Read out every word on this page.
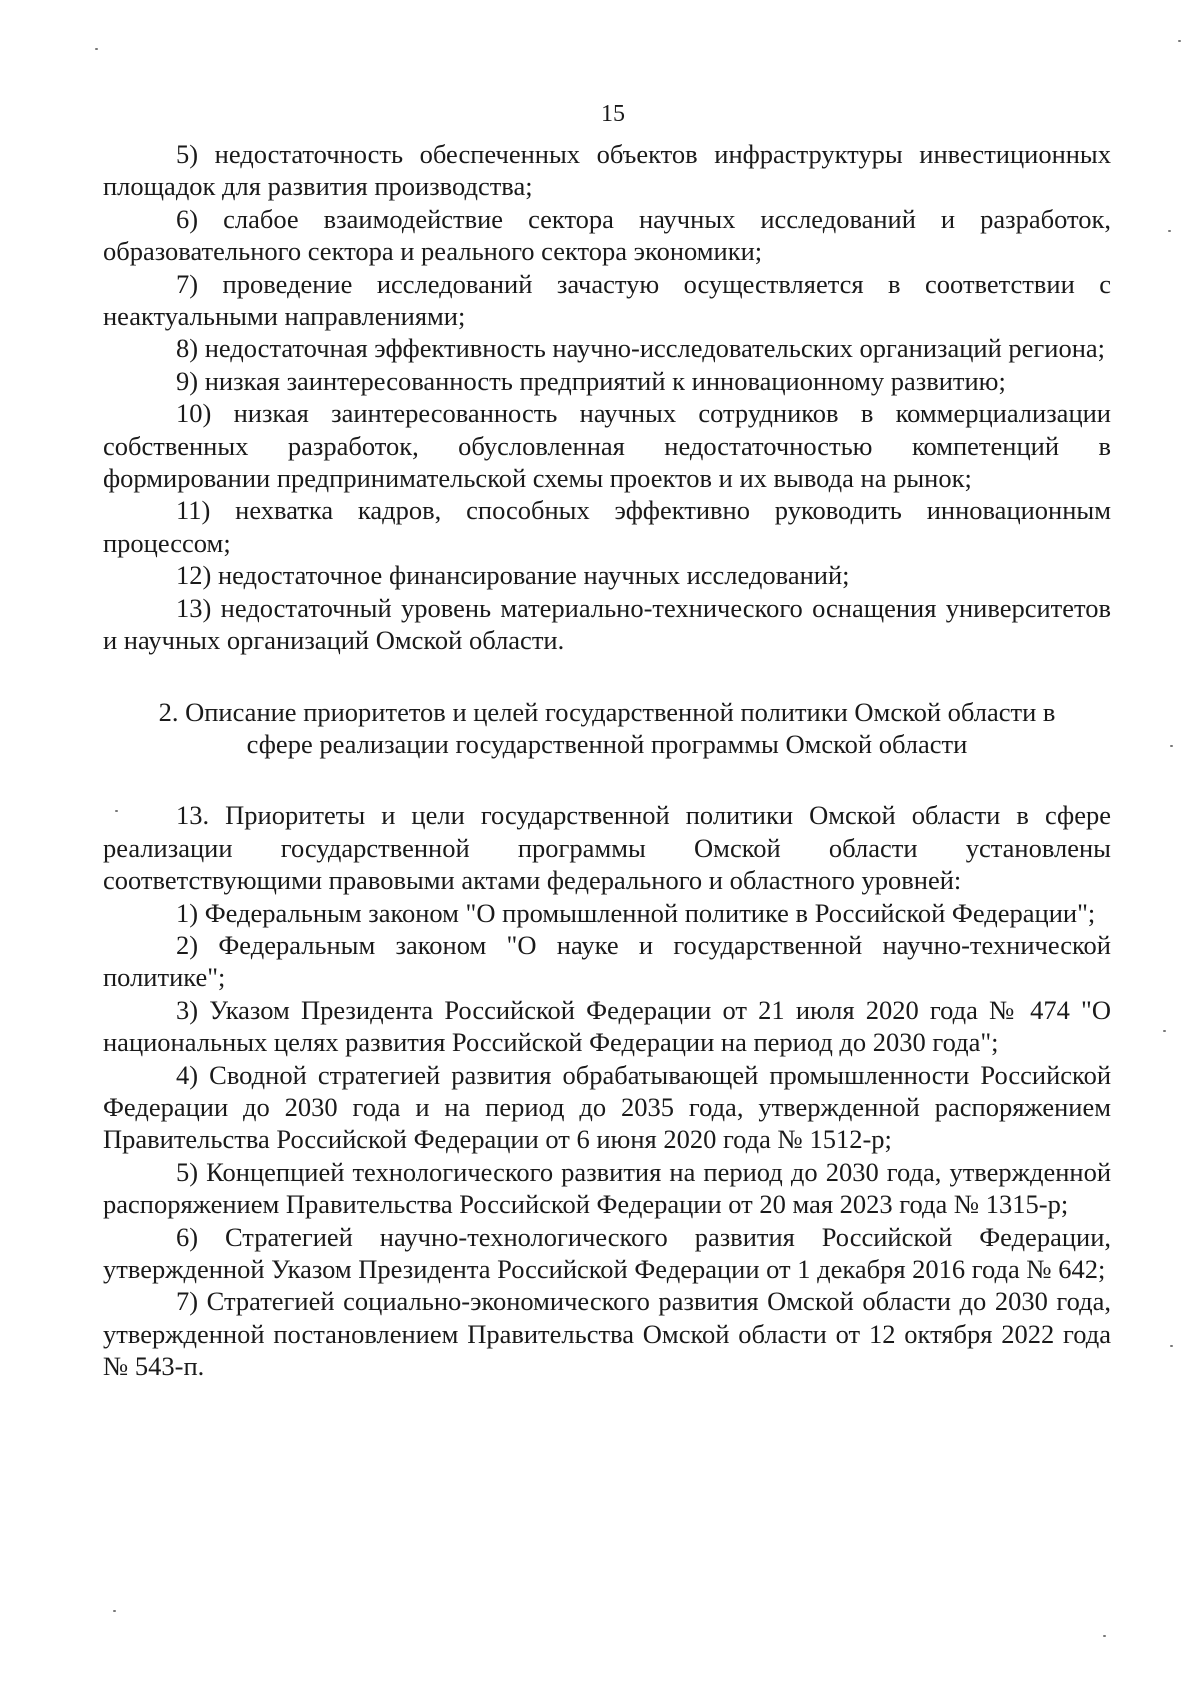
15

5) недостаточность обеспеченных объектов инфраструктуры инвестиционных площадок для развития производства;

6) слабое взаимодействие сектора научных исследований и разработок, образовательного сектора и реального сектора экономики;

7) проведение исследований зачастую осуществляется в соответствии с неактуальными направлениями;

8) недостаточная эффективность научно-исследовательских организаций региона;

9) низкая заинтересованность предприятий к инновационному развитию;

10) низкая заинтересованность научных сотрудников в коммерциализации собственных разработок, обусловленная недостаточностью компетенций в формировании предпринимательской схемы проектов и их вывода на рынок;

11) нехватка кадров, способных эффективно руководить инновационным процессом;

12) недостаточное финансирование научных исследований;

13) недостаточный уровень материально-технического оснащения университетов и научных организаций Омской области.

2. Описание приоритетов и целей государственной политики Омской области в
сфере реализации государственной программы Омской области

13. Приоритеты и цели государственной политики Омской области в сфере реализации государственной программы Омской области установлены соответствующими правовыми актами федерального и областного уровней:

1) Федеральным законом "О промышленной политике в Российской Федерации";

2) Федеральным законом "О науке и государственной научно-технической политике";

3) Указом Президента Российской Федерации от 21 июля 2020 года № 474 "О национальных целях развития Российской Федерации на период до 2030 года";

4) Сводной стратегией развития обрабатывающей промышленности Российской Федерации до 2030 года и на период до 2035 года, утвержденной распоряжением Правительства Российской Федерации от 6 июня 2020 года № 1512-р;

5) Концепцией технологического развития на период до 2030 года, утвержденной распоряжением Правительства Российской Федерации от 20 мая 2023 года № 1315-р;

6) Стратегией научно-технологического развития Российской Федерации, утвержденной Указом Президента Российской Федерации от 1 декабря 2016 года № 642;

7) Стратегией социально-экономического развития Омской области до 2030 года, утвержденной постановлением Правительства Омской области от 12 октября 2022 года № 543-п.
